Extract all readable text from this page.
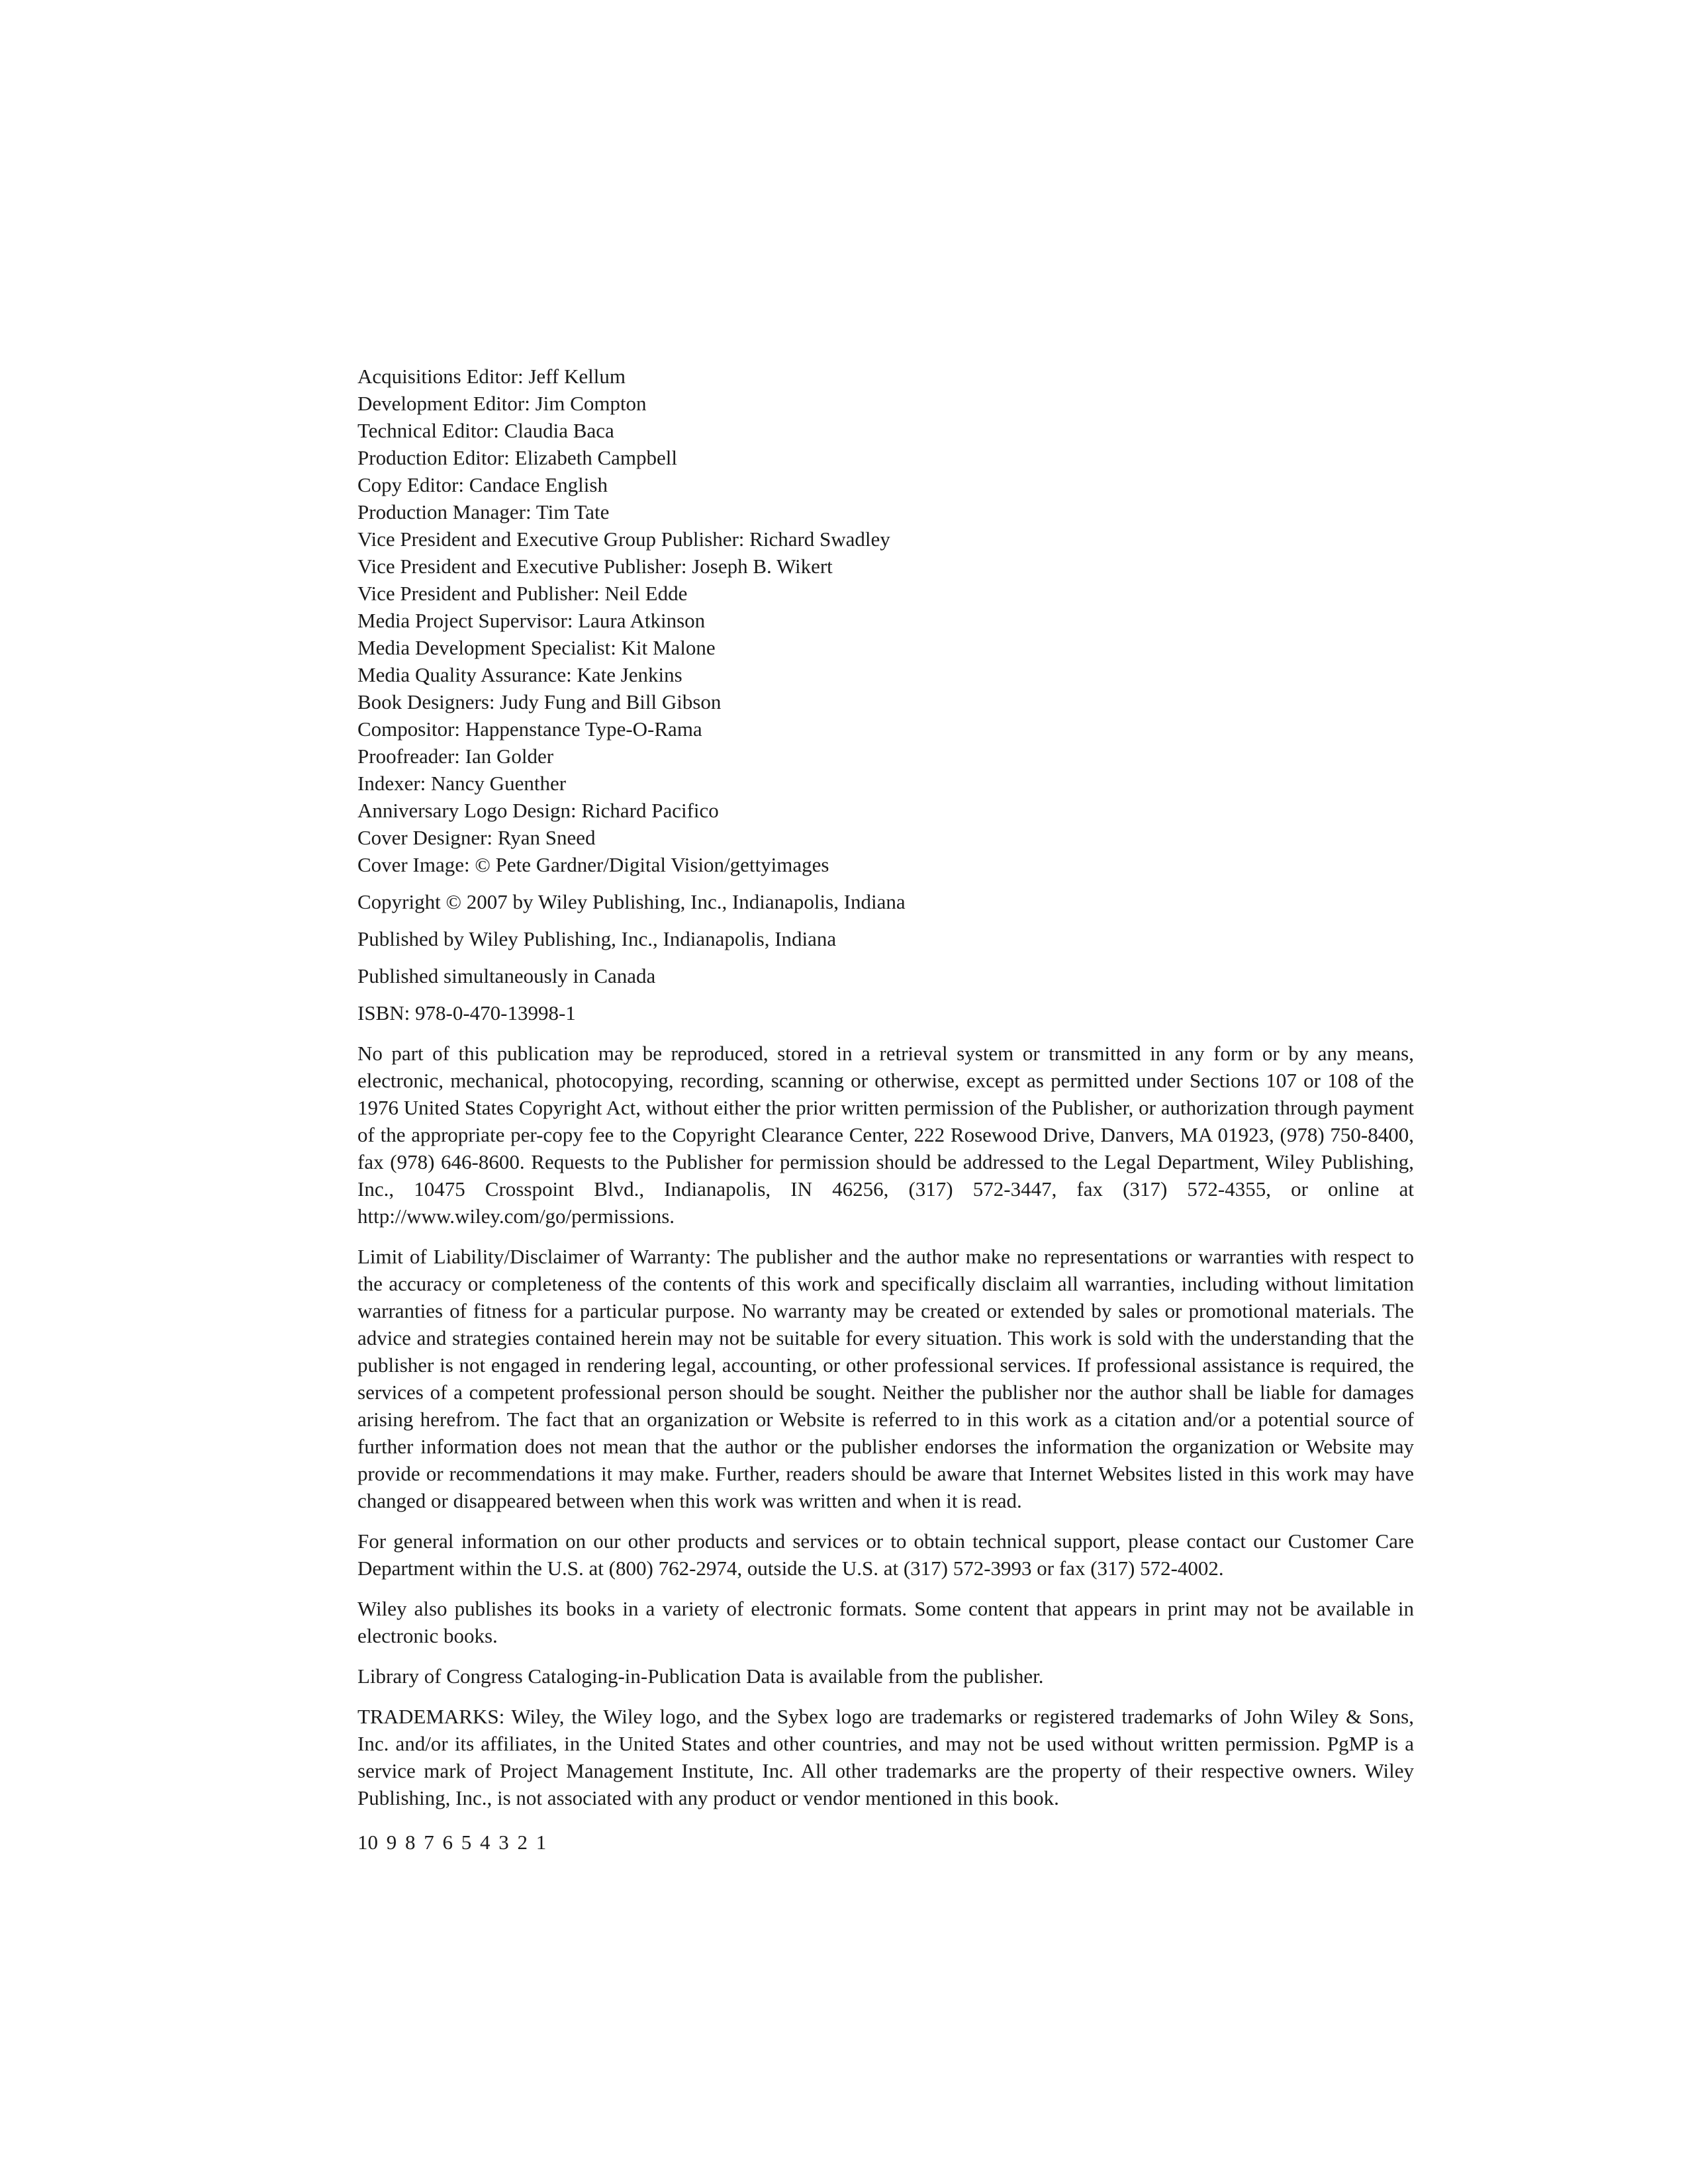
Acquisitions Editor: Jeff Kellum
Development Editor: Jim Compton
Technical Editor: Claudia Baca
Production Editor: Elizabeth Campbell
Copy Editor: Candace English
Production Manager: Tim Tate
Vice President and Executive Group Publisher: Richard Swadley
Vice President and Executive Publisher: Joseph B. Wikert
Vice President and Publisher: Neil Edde
Media Project Supervisor: Laura Atkinson
Media Development Specialist: Kit Malone
Media Quality Assurance: Kate Jenkins
Book Designers: Judy Fung and Bill Gibson
Compositor: Happenstance Type-O-Rama
Proofreader: Ian Golder
Indexer: Nancy Guenther
Anniversary Logo Design: Richard Pacifico
Cover Designer: Ryan Sneed
Cover Image: © Pete Gardner/Digital Vision/gettyimages

Copyright © 2007 by Wiley Publishing, Inc., Indianapolis, Indiana

Published by Wiley Publishing, Inc., Indianapolis, Indiana

Published simultaneously in Canada

ISBN: 978-0-470-13998-1

No part of this publication may be reproduced, stored in a retrieval system or transmitted in any form or by any means, electronic, mechanical, photocopying, recording, scanning or otherwise, except as permitted under Sections 107 or 108 of the 1976 United States Copyright Act, without either the prior written permission of the Publisher, or authorization through payment of the appropriate per-copy fee to the Copyright Clearance Center, 222 Rosewood Drive, Danvers, MA 01923, (978) 750-8400, fax (978) 646-8600. Requests to the Publisher for permission should be addressed to the Legal Department, Wiley Publishing, Inc., 10475 Crosspoint Blvd., Indianapolis, IN 46256, (317) 572-3447, fax (317) 572-4355, or online at http://www.wiley.com/go/permissions.

Limit of Liability/Disclaimer of Warranty: The publisher and the author make no representations or warranties with respect to the accuracy or completeness of the contents of this work and specifically disclaim all warranties, including without limitation warranties of fitness for a particular purpose. No warranty may be created or extended by sales or promotional materials. The advice and strategies contained herein may not be suitable for every situation. This work is sold with the understanding that the publisher is not engaged in rendering legal, accounting, or other professional services. If professional assistance is required, the services of a competent professional person should be sought. Neither the publisher nor the author shall be liable for damages arising herefrom. The fact that an organization or Website is referred to in this work as a citation and/or a potential source of further information does not mean that the author or the publisher endorses the information the organization or Website may provide or recommendations it may make. Further, readers should be aware that Internet Websites listed in this work may have changed or disappeared between when this work was written and when it is read.

For general information on our other products and services or to obtain technical support, please contact our Customer Care Department within the U.S. at (800) 762-2974, outside the U.S. at (317) 572-3993 or fax (317) 572-4002.

Wiley also publishes its books in a variety of electronic formats. Some content that appears in print may not be available in electronic books.

Library of Congress Cataloging-in-Publication Data is available from the publisher.

TRADEMARKS: Wiley, the Wiley logo, and the Sybex logo are trademarks or registered trademarks of John Wiley & Sons, Inc. and/or its affiliates, in the United States and other countries, and may not be used without written permission. PgMP is a service mark of Project Management Institute, Inc. All other trademarks are the property of their respective owners. Wiley Publishing, Inc., is not associated with any product or vendor mentioned in this book.

10 9 8 7 6 5 4 3 2 1
